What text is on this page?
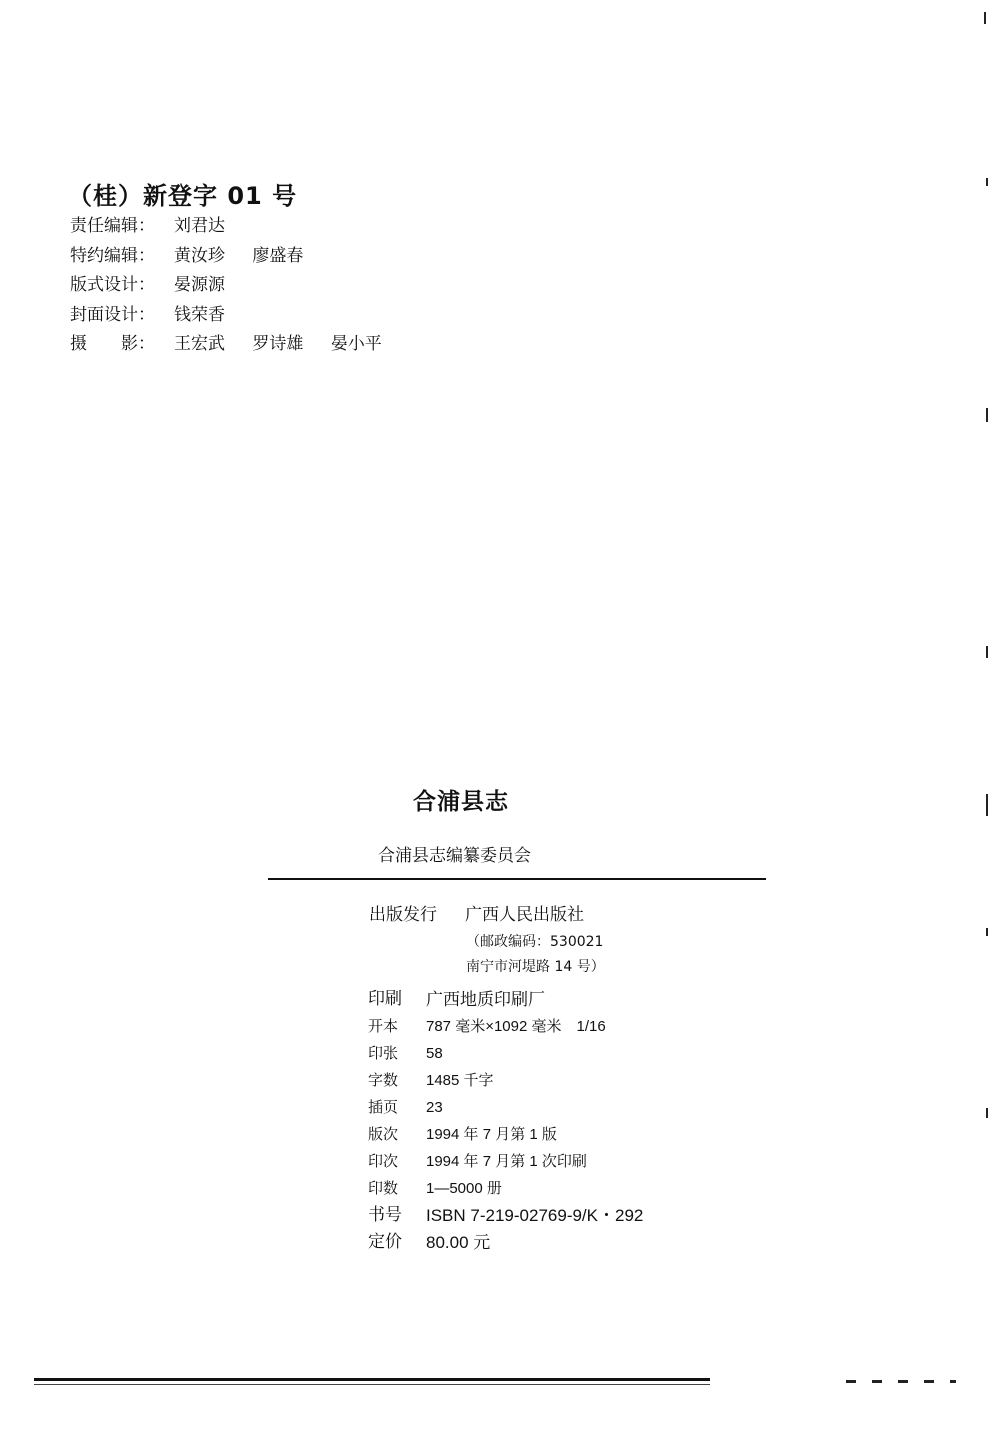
（桂）新登字 01 号
责任编辑：	刘君达
特约编辑：	黄汝珍 廖盛春
版式设计：	晏源源
封面设计：	钱荣香
摄　　影：	王宏武 罗诗雄 晏小平
合浦县志
合浦县志编纂委员会
出版发行 广西人民出版社
（邮政编码：530021
南宁市河堤路 14 号）
印刷	广西地质印刷厂
开本	787 毫米×1092 毫米　1/16
印张	58
字数	1485 千字
插页	23
版次	1994 年 7 月第 1 版
印次	1994 年 7 月第 1 次印刷
印数	1—5000 册
书号	ISBN 7-219-02769-9/K・292
定价	80.00 元
